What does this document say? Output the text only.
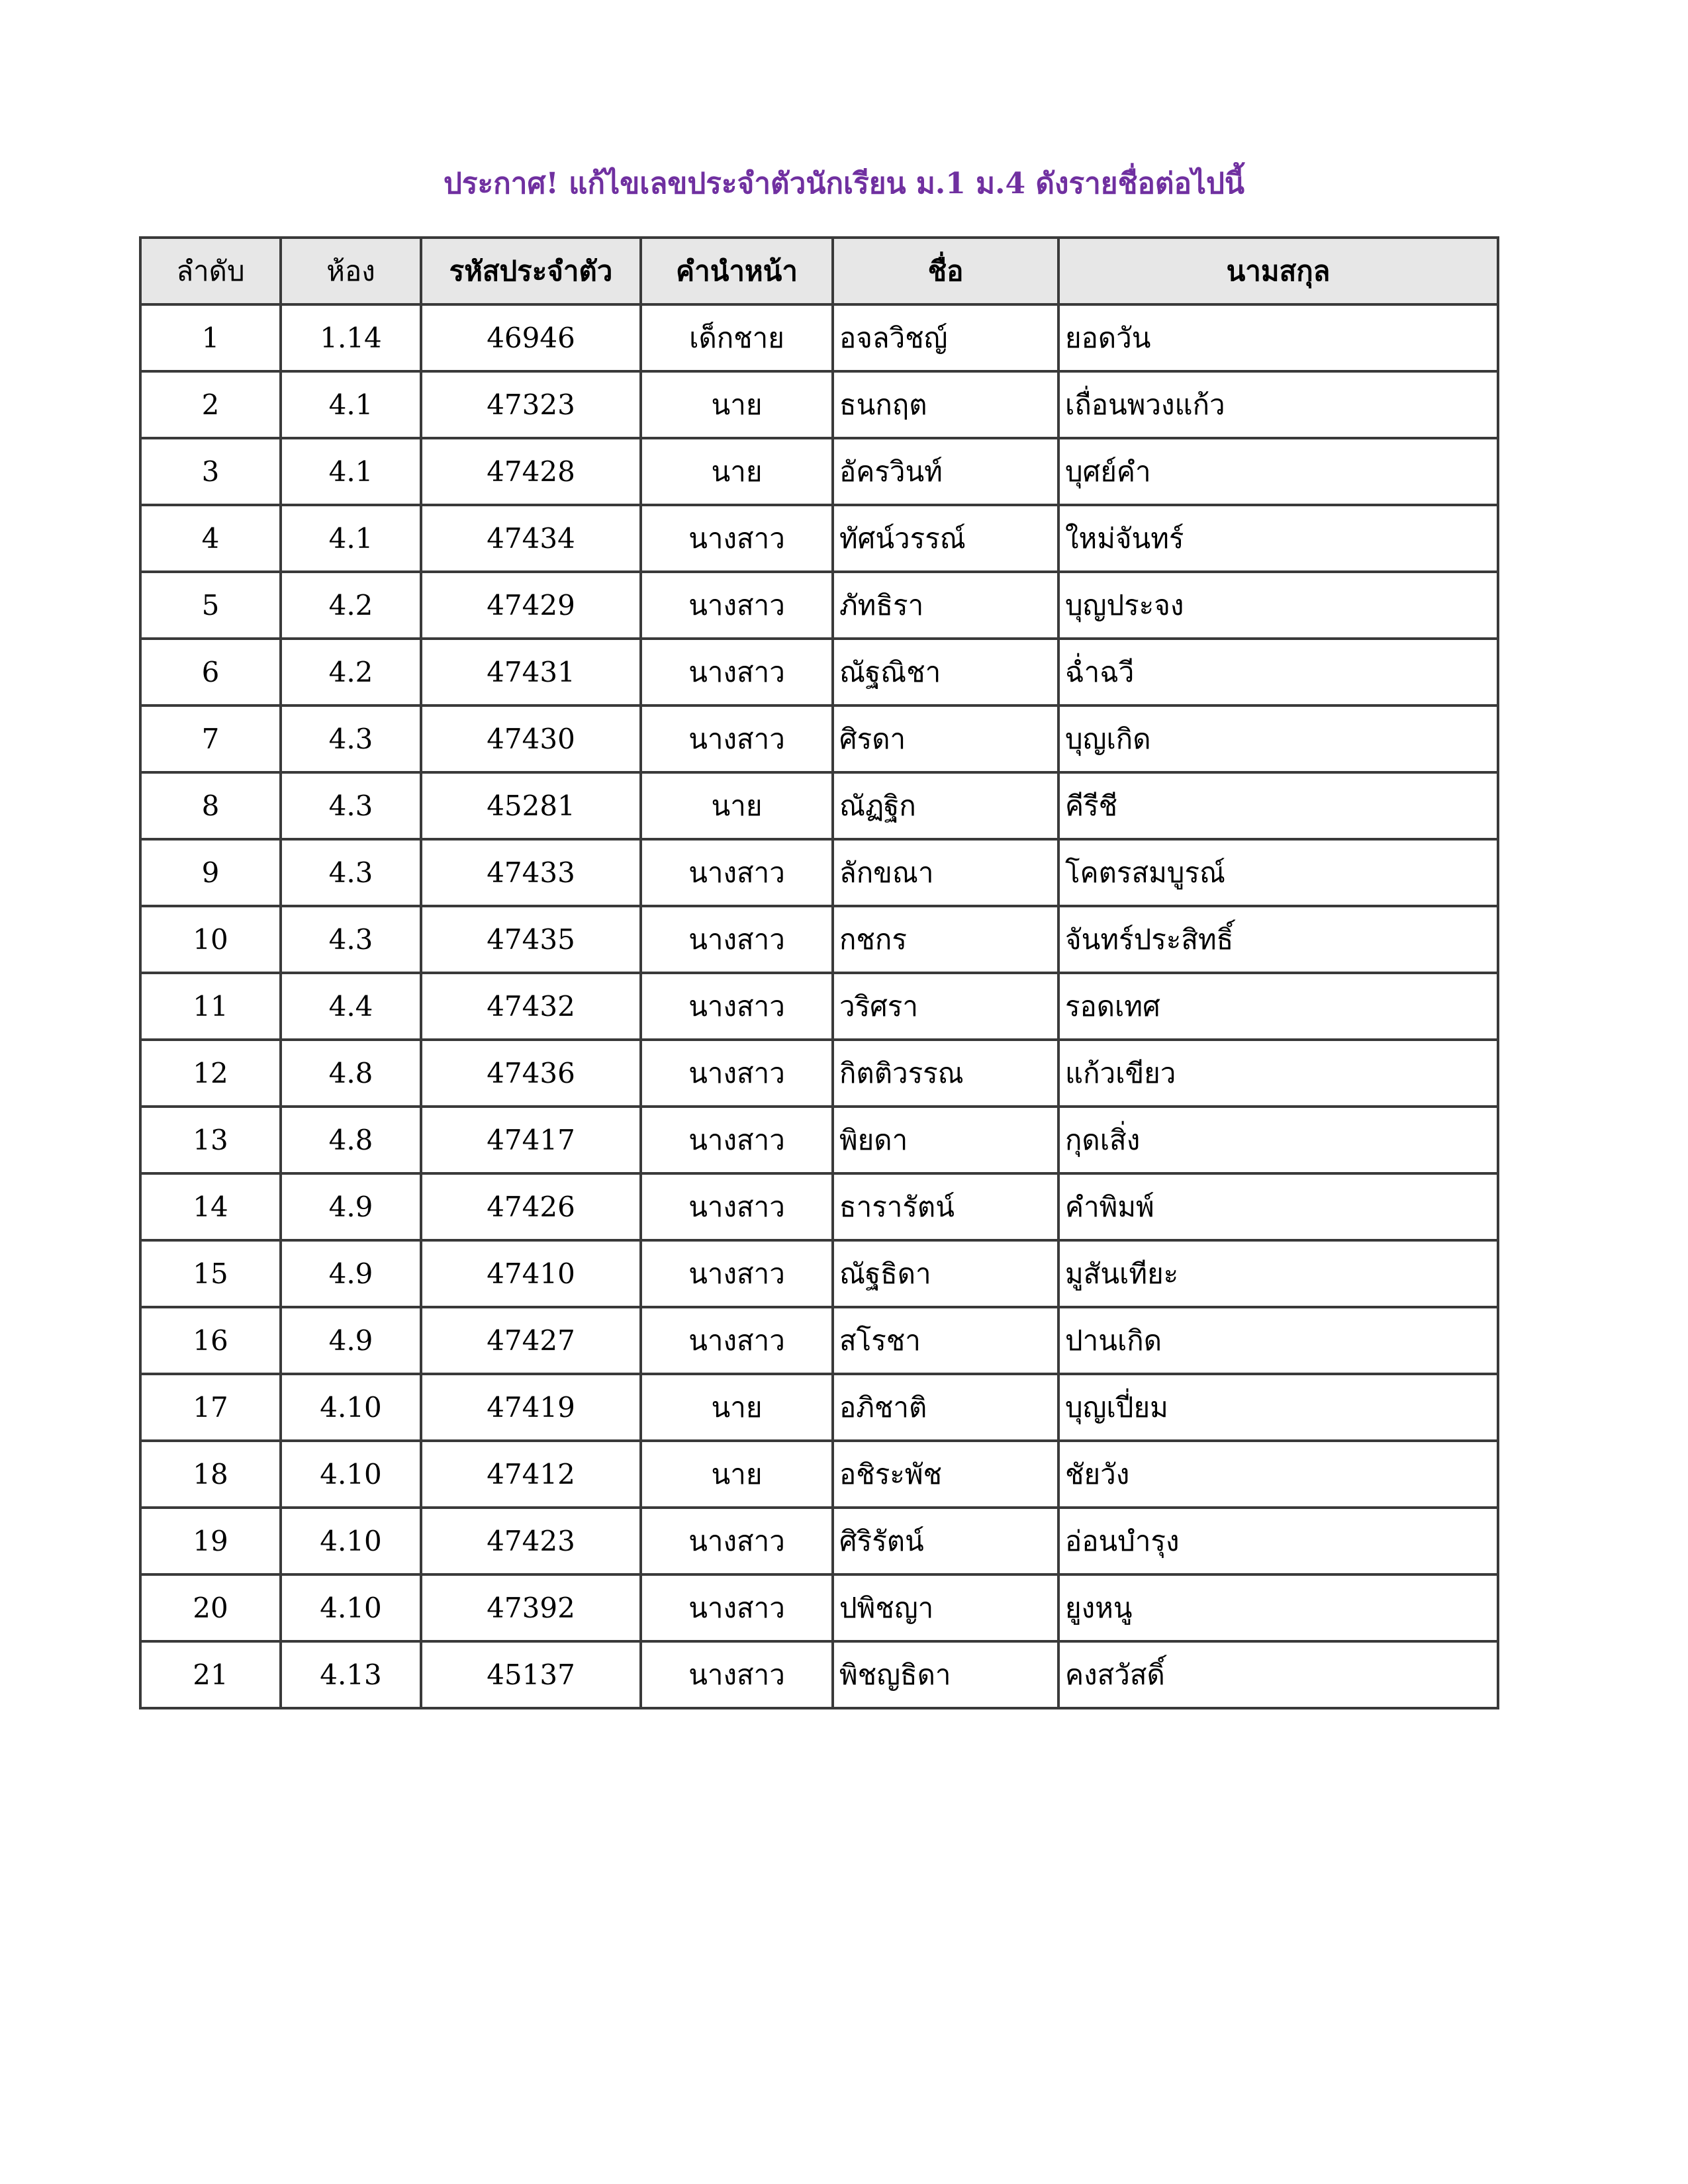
ประกาศ! แก้ไขเลขประจำตัวนักเรียน ม.1 ม.4 ดังรายชื่อต่อไปนี้
ลำดับ	ห้อง	รหัสประจำตัว	คำนำหน้า	ชื่อ	นามสกุล
1	1.14	46946	เด็กชาย	อจลวิชญ์	ยอดวัน
2	4.1	47323	นาย	ธนกฤต	เถื่อนพวงแก้ว
3	4.1	47428	นาย	อัครวินท์	บุศย์คำ
4	4.1	47434	นางสาว	ทัศน์วรรณ์	ใหม่จันทร์
5	4.2	47429	นางสาว	ภัทธิรา	บุญประจง
6	4.2	47431	นางสาว	ณัฐณิชา	ฉ่ำฉวี
7	4.3	47430	นางสาว	ศิรดา	บุญเกิด
8	4.3	45281	นาย	ณัฏฐิก	คีรีชี
9	4.3	47433	นางสาว	ลักขณา	โคตรสมบูรณ์
10	4.3	47435	นางสาว	กชกร	จันทร์ประสิทธิ์
11	4.4	47432	นางสาว	วริศรา	รอดเทศ
12	4.8	47436	นางสาว	กิตติวรรณ	แก้วเขียว
13	4.8	47417	นางสาว	พิยดา	กุดเสิ่ง
14	4.9	47426	นางสาว	ธารารัตน์	คำพิมพ์
15	4.9	47410	นางสาว	ณัฐธิดา	มูสันเทียะ
16	4.9	47427	นางสาว	สโรชา	ปานเกิด
17	4.10	47419	นาย	อภิชาติ	บุญเปี่ยม
18	4.10	47412	นาย	อชิระพัช	ชัยวัง
19	4.10	47423	นางสาว	ศิริรัตน์	อ่อนบำรุง
20	4.10	47392	นางสาว	ปพิชญา	ยูงหนู
21	4.13	45137	นางสาว	พิชญธิดา	คงสวัสดิ์
